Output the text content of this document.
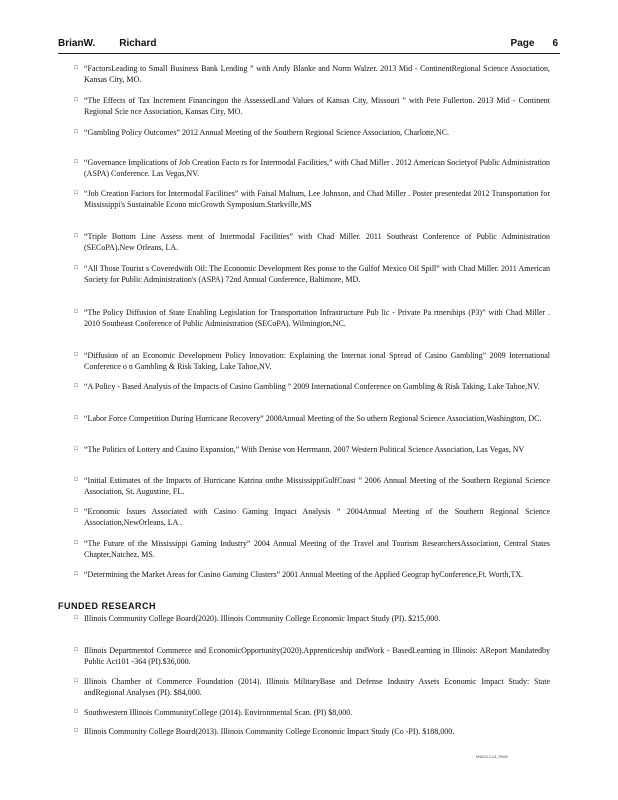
BrianW. Richard	Page 6
□ “FactorsLeading to Small Business Bank Lending ” with Andy Blanke and Norm Walzer. 2013 Mid - ContinentRegional Science Association, Kansas City, MO.
□ “The Effects of Tax Increment Financingon the AssessedLand Values of Kansas City, Missouri ” with Pete Fullerton. 2013 Mid - Continent Regional Scie nce Association, Kansas City, MO.
□ “Gambling Policy Outcomes” 2012 Annual Meeting of the Southern Regional Science Association, Charlotte,NC.
□ “Governance Implications of Job Creation Facto rs for Intermodal Facilities,” with Chad Miller . 2012 American Societyof Public Administration (ASPA) Conference. Las Vegas,NV.
□ “Job Creation Factors for Intermodal Facilities” with Faisal Maltum, Lee Johnson, and Chad Miller . Poster presentedat 2012 Transportation for Mississippi's Sustainable Econo micGrowth Symposium.Starkville,MS
□ “Triple Bottom Line Assess ment of Intermodal Facilities” with Chad Miller. 2011 Southeast Conference of Public Administration (SECoPA).New Orleans, LA.
□ “All Those Tourist s Coveredwith Oil: The Economic Development Res ponse to the Gulfof Mexico Oil Spill” with Chad Miller. 2011 American Society for Public Administration's (ASPA) 72nd Annual Conference, Baltimore, MD.
□ “The Policy Diffusion of State Enabling Legislation for Transportation Infrastructure Pub lic - Private Pa rtnerships (P3)” with Chad Miller . 2010 Southeast Conference of Public Administration (SECoPA). Wilmington,NC.
□ “Diffusion of an Economic Development Policy Innovation: Explaining the Internat ional Spread of Casino Gambling” 2009 International Conference o n Gambling & Risk Taking, Lake Tahoe,NV.
□ “A Policy - Based Analysis of the Impacts of Casino Gambling ” 2009 International Conference on Gambling & Risk Taking, Lake Tahoe,NV.
□ “Labor Force Competition During Hurricane Recovery” 2008Annual Meeting of the So uthern Regional Science Association,Washington, DC.
□ “The Politics of Lottery and Casino Expansion,” With Denise von Herrmann. 2007 Western Political Science Association, Las Vegas, NV
□ “Initial Estimates of the Impacts of Hurricane Katrina onthe MississippiGulfCoast ” 2006 Annual Meeting of the Southern Regional Science Association, St. Augustine, FL.
□ “Economic Issues Associated with Casino Gaming Impact Analysis ” 2004Annual Meeting of the Southern Regional Science Association,NewOrleans, LA .
□ “The Future of the Mississippi Gaming Industry” 2004 Annual Meeting of the Travel and Tourism ResearchersAssociation, Central States Chapter,Natchez, MS.
□ “Determining the Market Areas for Casino Gaming Clusters” 2001 Annual Meeting of the Applied Geograp hyConference,Ft. Worth,TX.
FUNDED RESEARCH
□ Illinois Community College Board(2020). Illinois Community College Economic Impact Study (PI). $215,000.
□ Illinois Departmentof Commerce and EconomicOpportunity(2020).Apprenticeship andWork - BasedLearning in Illinois: AReport Mandatedby Public Act101 -364 (PI).$36,000.
□ Illinois Chamber of Commerce Foundation (2014). Illinois MilitaryBase and Defense Industry Assets Economic Impact Study: State andRegional Analyses (PI). $84,000.
□ Southwestern Illinois CommunityCollege (2014). Environmental Scan. (PI) $8,000.
□ Illinois Community College Board(2013). Illinois Community College Economic Impact Study (Co -PI). $188,000.
MWG13.15_R853
